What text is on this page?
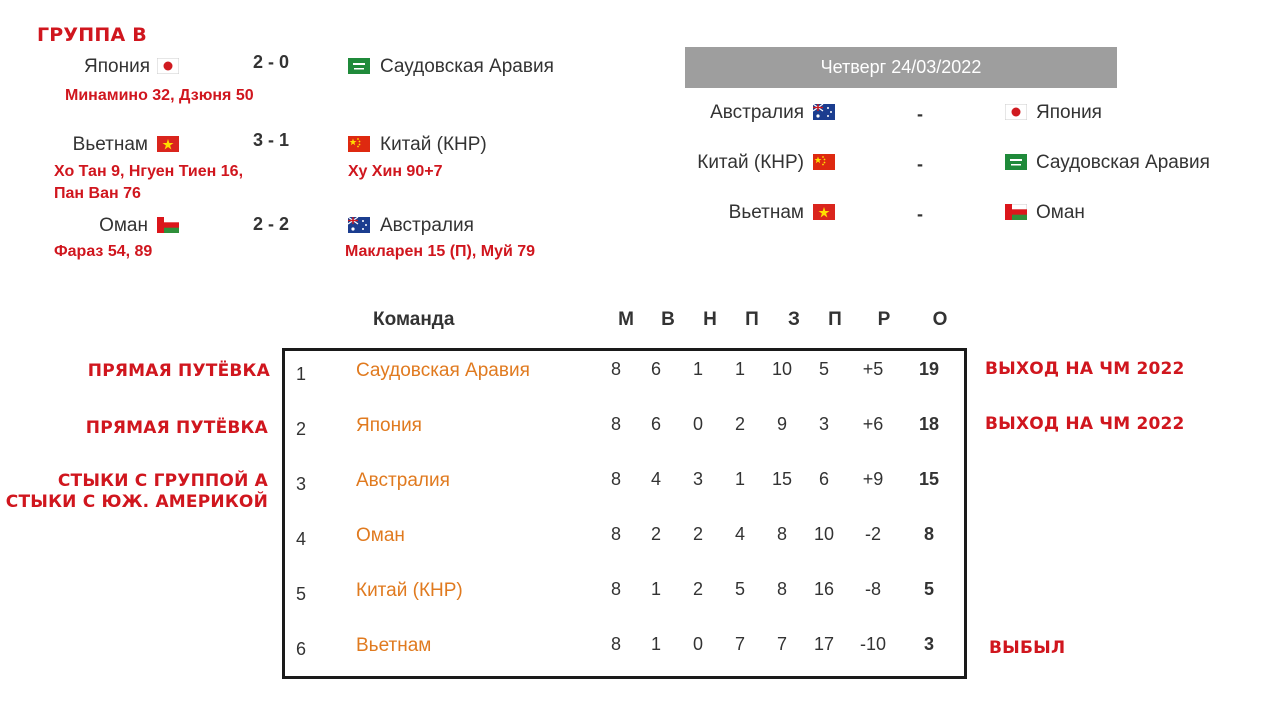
ГРУППА В
Япония	2 - 0	Саудовская Аравия
Минамино 32, Дзюня 50
Вьетнам	3 - 1	Китай (КНР)
Хо Тан 9, Нгуен Тиен 16,
Пан Ван 76
Ху Хин 90+7
Оман	2 - 2	Австралия
Фараз 54, 89	Макларен 15 (П), Муй 79
Четверг 24/03/2022
Австралия	-	Япония
Китай (КНР)	-	Саудовская Аравия
Вьетнам	-	Оман
Команда	М	В	Н	П	З	П	Р	О
1	Саудовская Аравия	8	6	1	1	10	5	+5	19
2	Япония	8	6	0	2	9	3	+6	18
3	Австралия	8	4	3	1	15	6	+9	15
4	Оман	8	2	2	4	8	10	-2	8
5	Китай (КНР)	8	1	2	5	8	16	-8	5
6	Вьетнам	8	1	0	7	7	17	-10	3
ПРЯМАЯ ПУТЁВКА
ПРЯМАЯ ПУТЁВКА
СТЫКИ С ГРУППОЙ А
СТЫКИ С ЮЖ. АМЕРИКОЙ
ВЫХОД НА ЧМ 2022
ВЫХОД НА ЧМ 2022
ВЫБЫЛ
